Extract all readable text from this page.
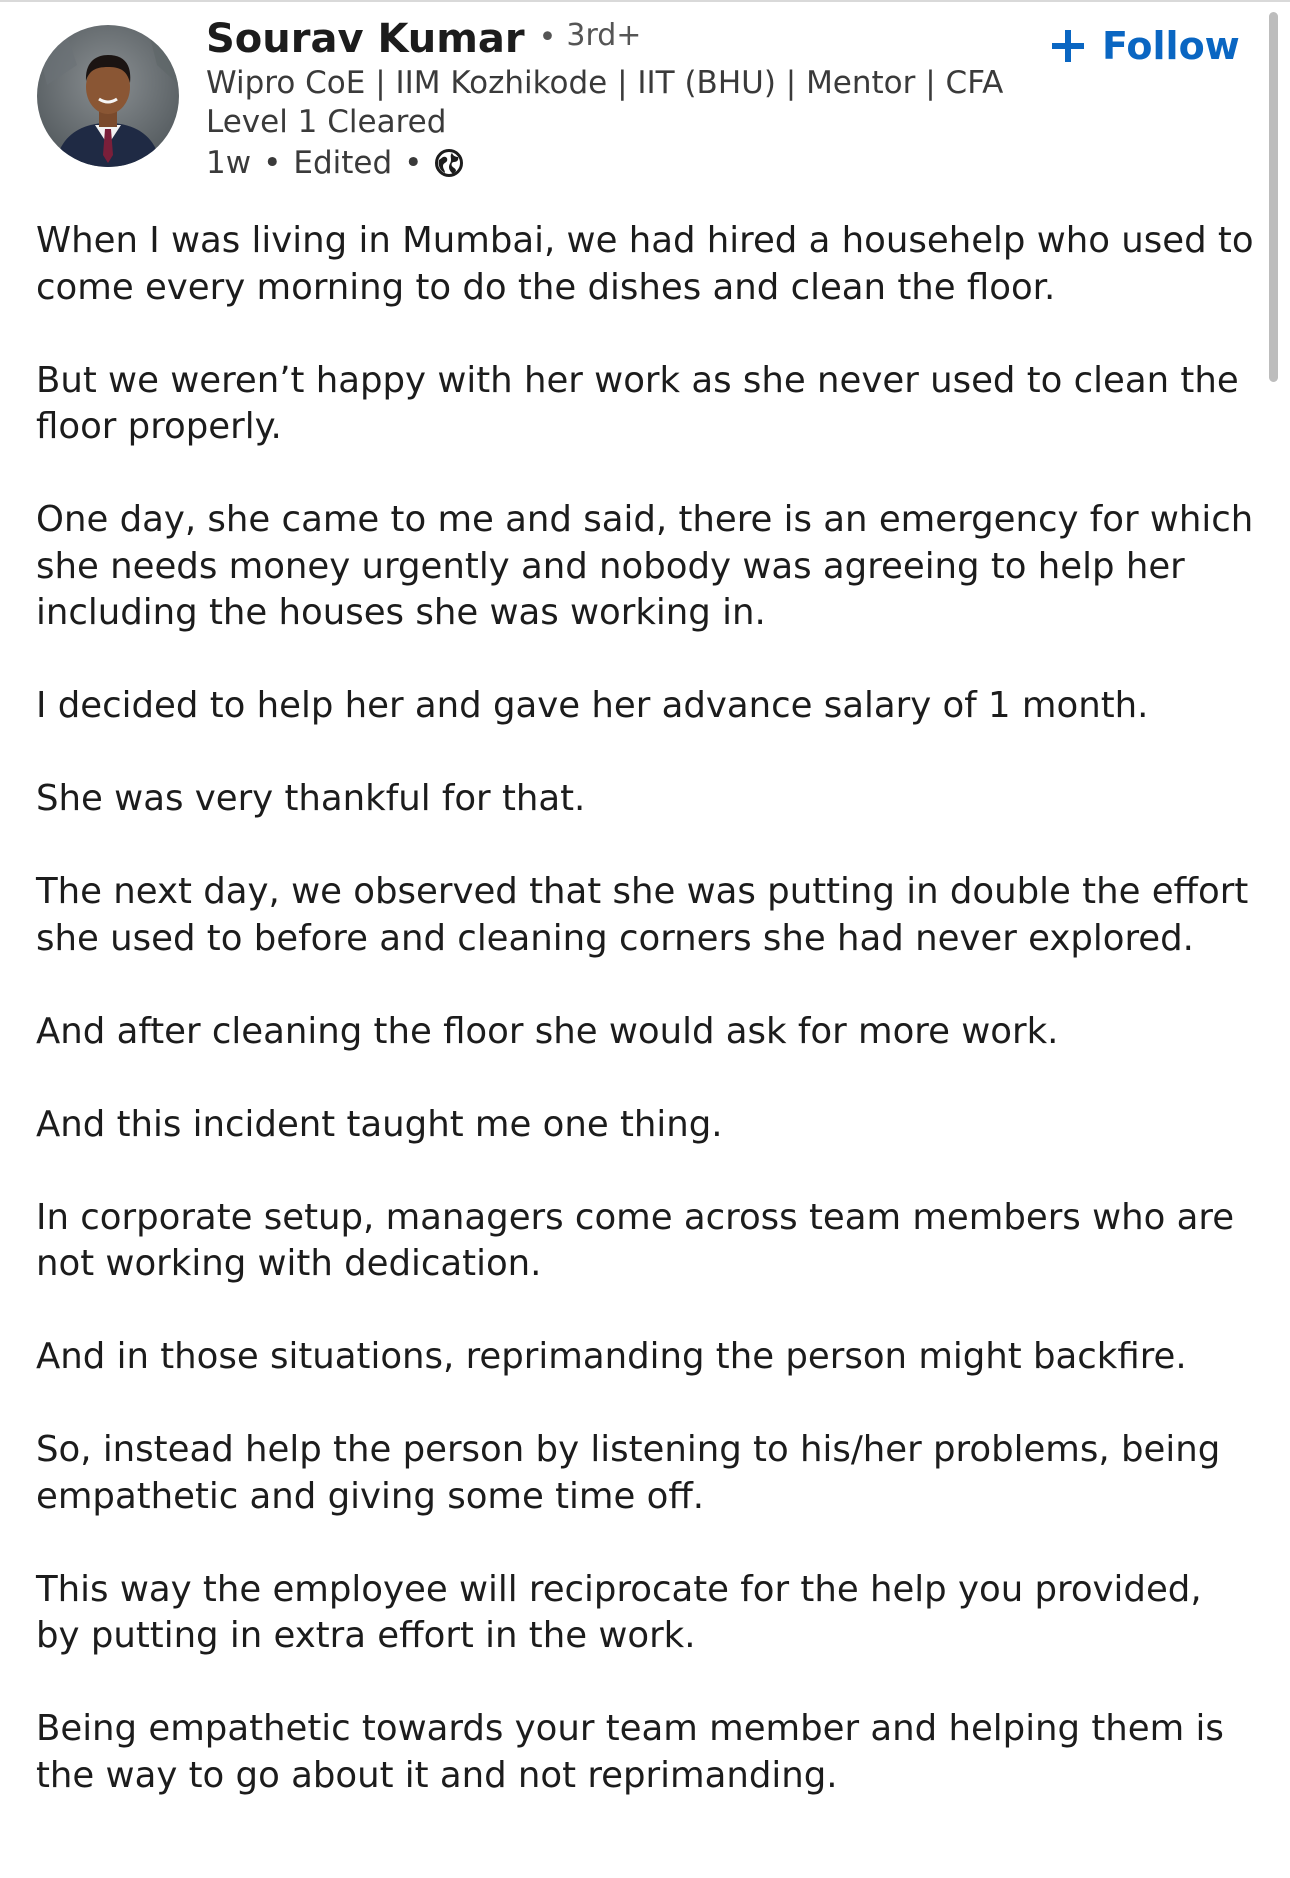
Sourav Kumar • 3rd+
Wipro CoE | IIM Kozhikode | IIT (BHU) | Mentor | CFA Level 1 Cleared
1w • Edited •
Follow

When I was living in Mumbai, we had hired a househelp who used to come every morning to do the dishes and clean the floor.

But we weren’t happy with her work as she never used to clean the floor properly.

One day, she came to me and said, there is an emergency for which she needs money urgently and nobody was agreeing to help her including the houses she was working in.

I decided to help her and gave her advance salary of 1 month.

She was very thankful for that.

The next day, we observed that she was putting in double the effort she used to before and cleaning corners she had never explored.

And after cleaning the floor she would ask for more work.

And this incident taught me one thing.

In corporate setup, managers come across team members who are not working with dedication.

And in those situations, reprimanding the person might backfire.

So, instead help the person by listening to his/her problems, being empathetic and giving some time off.

This way the employee will reciprocate for the help you provided, by putting in extra effort in the work.

Being empathetic towards your team member and helping them is the way to go about it and not reprimanding.
